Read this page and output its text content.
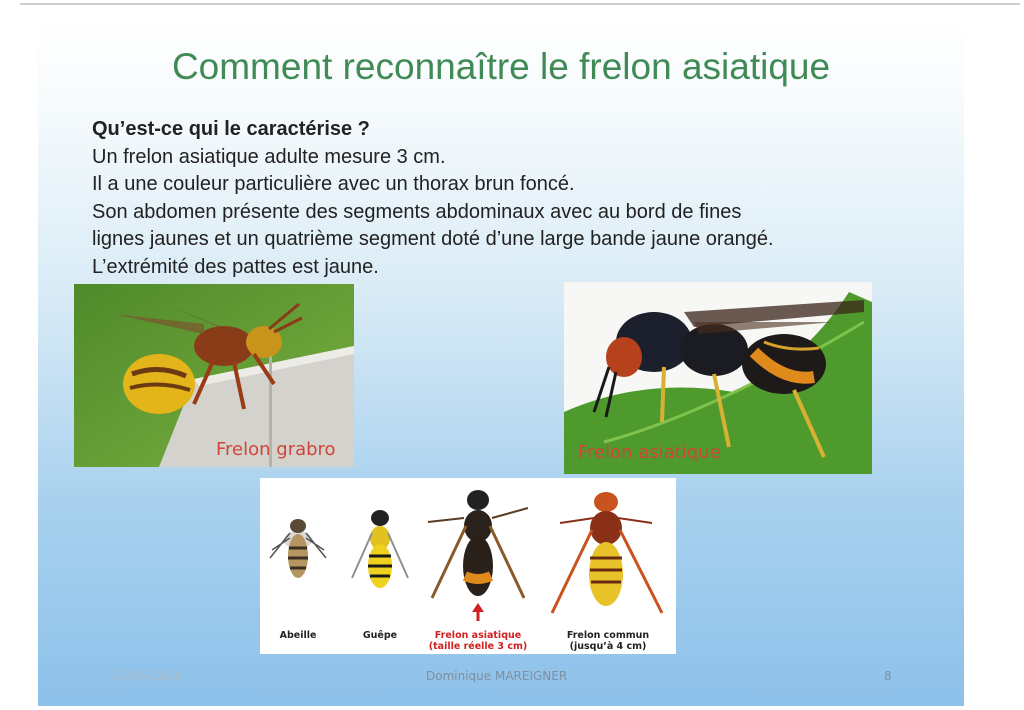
Comment reconnaître le frelon asiatique
Qu’est-ce qui le caractérise ?
Un frelon asiatique adulte mesure 3 cm.
Il a une couleur particulière avec un thorax brun foncé.
Son abdomen présente des segments abdominaux avec au bord de fines
lignes jaunes et un quatrième segment doté d’une large bande jaune orangé.
L’extrémité des pattes est jaune.
Frelon grabro	Frelon asiatique
Abeille	Guêpe	Frelon asiatique
(taille réelle 3 cm)
Frelon commun
(jusqu’à 4 cm)
26/06/2024	Dominique MAREIGNER	8
